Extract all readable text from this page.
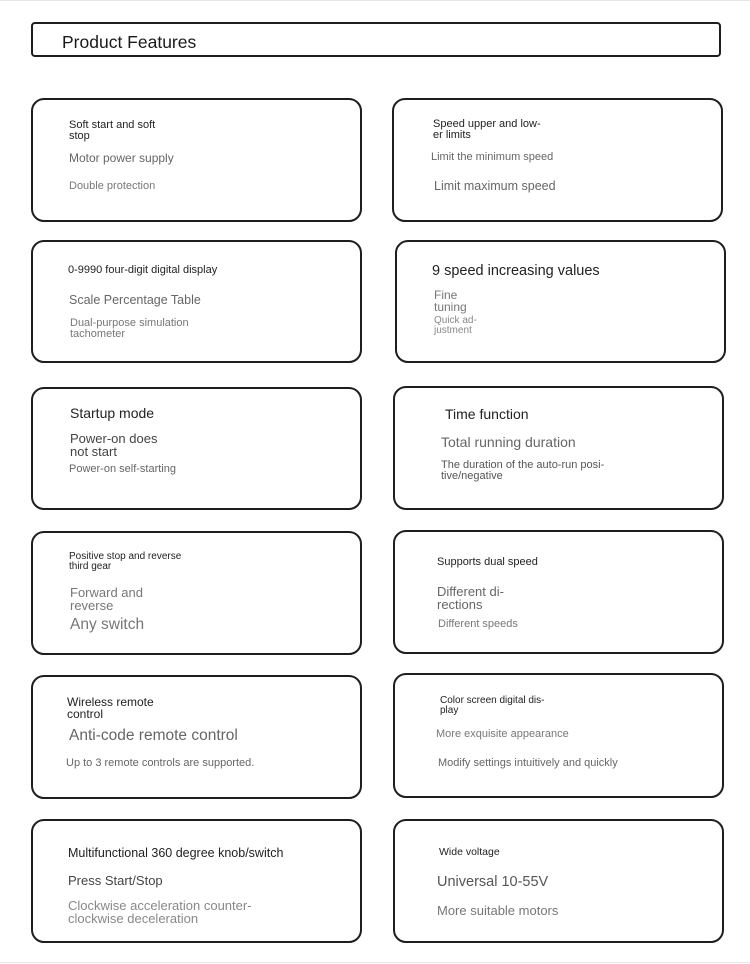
Product Features
Soft start and soft
stop
Motor power supply
Double protection
Speed upper and low-
er limits
Limit the minimum speed
Limit maximum speed
0-9990 four-digit digital display
Scale Percentage Table
Dual-purpose simulation
tachometer
9 speed increasing values
Fine
tuning
Quick ad-
justment
Startup mode
Power-on does
not start
Power-on self-starting
Time function
Total running duration
The duration of the auto-run posi-
tive/negative
Positive stop and reverse
third gear
Forward and
reverse
Any switch
Supports dual speed
Different di-
rections
Different speeds
Wireless remote
control
Anti-code remote control
Up to 3 remote controls are supported.
Color screen digital dis-
play
More exquisite appearance
Modify settings intuitively and quickly
Multifunctional 360 degree knob/switch
Press Start/Stop
Clockwise acceleration counter-
clockwise deceleration
Wide voltage
Universal 10-55V
More suitable motors
